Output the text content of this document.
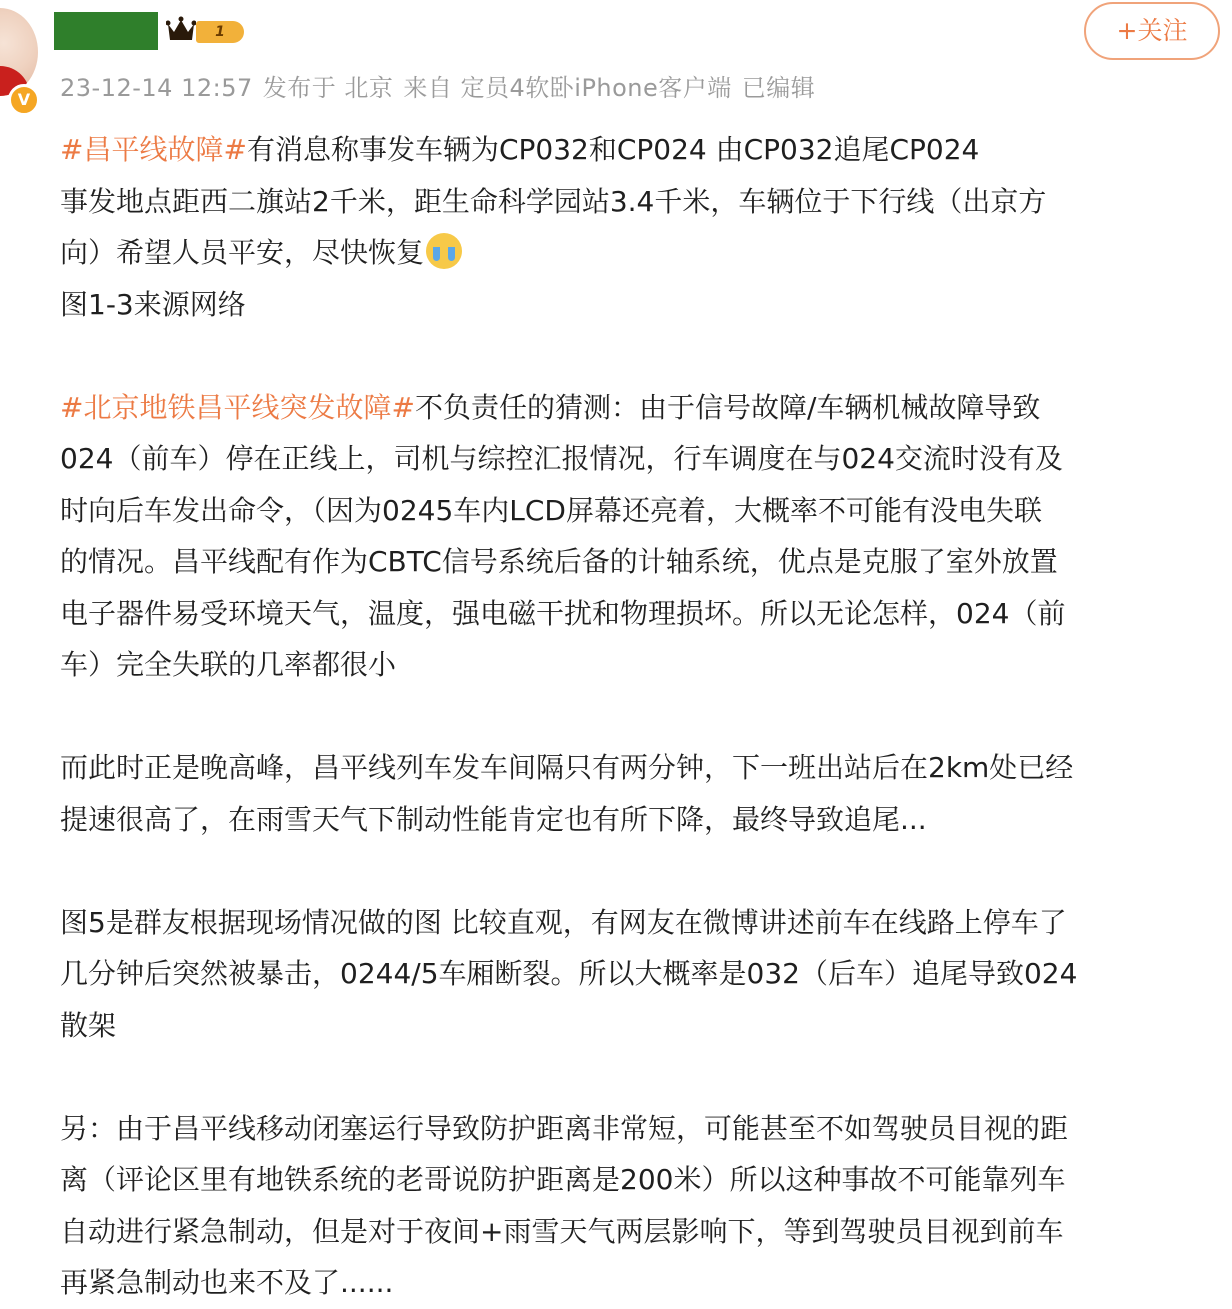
V
1
23-12-14 12:57 发布于 北京 来自 定员4软卧iPhone客户端 已编辑
+关注

#昌平线故障#有消息称事发车辆为CP032和CP024 由CP032追尾CP024

事发地点距西二旗站2千米，距生命科学园站3.4千米，车辆位于下行线（出京方

向）希望人员平安，尽快恢复

图1-3来源网络

#北京地铁昌平线突发故障#不负责任的猜测：由于信号故障/车辆机械故障导致

024（前车）停在正线上，司机与综控汇报情况，行车调度在与024交流时没有及

时向后车发出命令，（因为0245车内LCD屏幕还亮着，大概率不可能有没电失联

的情况。昌平线配有作为CBTC信号系统后备的计轴系统，优点是克服了室外放置

电子器件易受环境天气，温度，强电磁干扰和物理损坏。所以无论怎样，024（前

车）完全失联的几率都很小

而此时正是晚高峰，昌平线列车发车间隔只有两分钟，下一班出站后在2km处已经

提速很高了，在雨雪天气下制动性能肯定也有所下降，最终导致追尾...

图5是群友根据现场情况做的图 比较直观，有网友在微博讲述前车在线路上停车了

几分钟后突然被暴击，0244/5车厢断裂。所以大概率是032（后车）追尾导致024

散架

另：由于昌平线移动闭塞运行导致防护距离非常短，可能甚至不如驾驶员目视的距

离（评论区里有地铁系统的老哥说防护距离是200米）所以这种事故不可能靠列车

自动进行紧急制动，但是对于夜间+雨雪天气两层影响下，等到驾驶员目视到前车

再紧急制动也来不及了......
